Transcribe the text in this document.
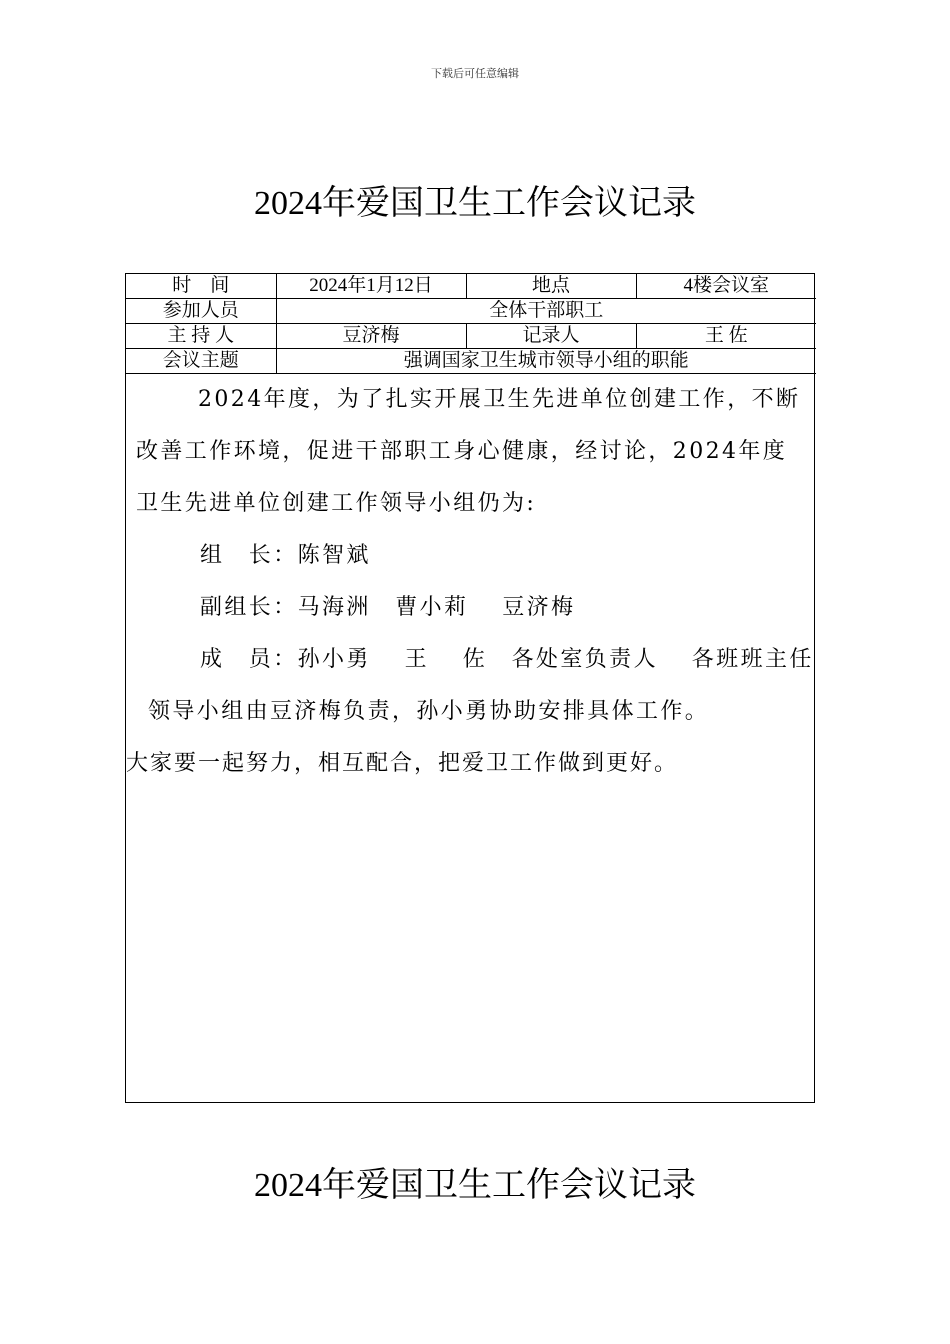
下载后可任意编辑
2024年爱国卫生工作会议记录
时　间	2024年1月12日	地点	4楼会议室
参加人员	全体干部职工		
主 持 人	豆济梅	记录人	王 佐
会议主题	强调国家卫生城市领导小组的职能		

2024年度，为了扎实开展卫生先进单位创建工作，不断改善工作环境，促进干部职工身心健康，经讨论，2024年度卫生先进单位创建工作领导小组仍为:

组　长：陈智斌

副组长：马海洲　曹小莉　 豆济梅

成　员：孙小勇　 王　 佐　各处室负责人　 各班班主任

领导小组由豆济梅负责，孙小勇协助安排具体工作。

大家要一起努力，相互配合，把爱卫工作做到更好。

2024年爱国卫生工作会议记录
